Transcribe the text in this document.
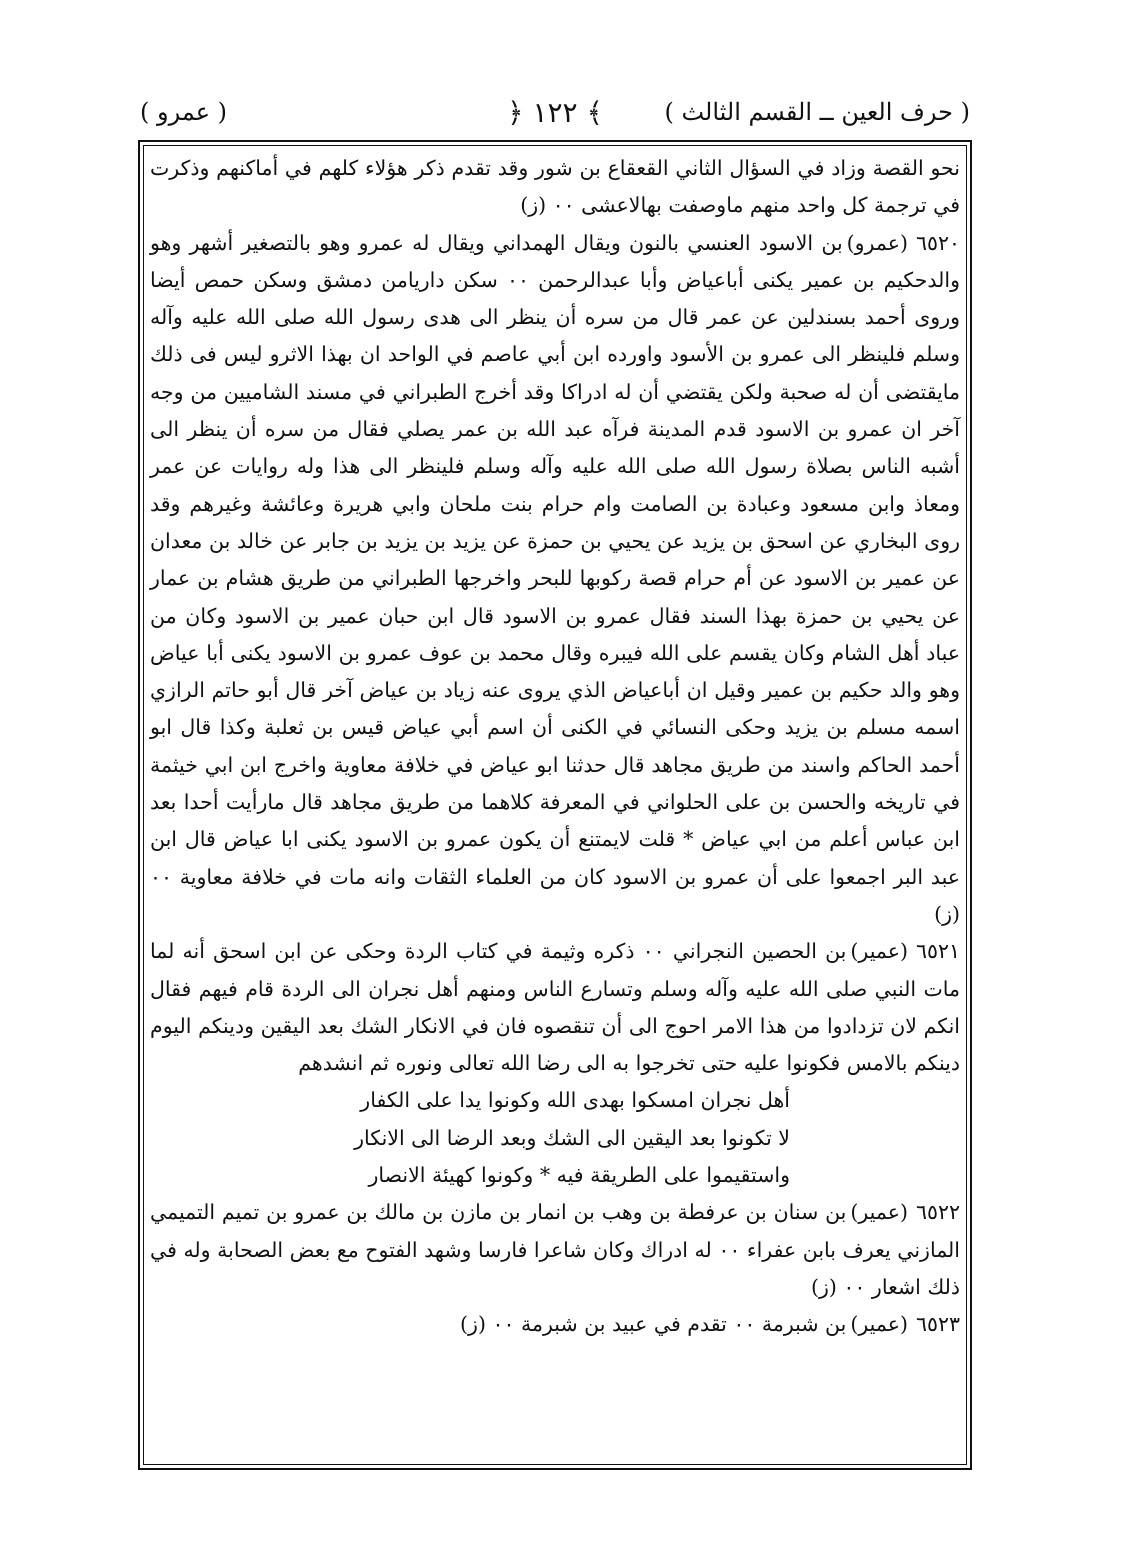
( حرف العين ــ القسم الثالث )
﴾ ١٢٢ ﴿
( عمرو )

نحو القصة وزاد في السؤال الثاني القعقاع بن شور وقد تقدم ذكر هؤلاء كلهم في أماكنهم وذكرت في ترجمة كل واحد منهم ماوصفت بهالاعشى ٠٠ (ز)

٦٥٢٠(عمرو)بن الاسود العنسي بالنون ويقال الهمداني ويقال له عمرو وهو بالتصغير أشهر وهو والدحكيم بن عمير يكنى أباعياض وأبا عبدالرحمن ٠٠ سكن داريامن دمشق وسكن حمص أيضا وروى أحمد بسندلين عن عمر قال من سره أن ينظر الى هدى رسول الله صلى الله عليه وآله وسلم فلينظر الى عمرو بن الأسود واورده ابن أبي عاصم في الواحد ان بهذا الاثرو ليس فى ذلك مايقتضى أن له صحبة ولكن يقتضي أن له ادراكا وقد أخرج الطبراني في مسند الشاميين من وجه آخر ان عمرو بن الاسود قدم المدينة فرآه عبد الله بن عمر يصلي فقال من سره أن ينظر الى أشبه الناس بصلاة رسول الله صلى الله عليه وآله وسلم فلينظر الى هذا وله روايات عن عمر ومعاذ وابن مسعود وعبادة بن الصامت وام حرام بنت ملحان وابي هريرة وعائشة وغيرهم وقد روى البخاري عن اسحق بن يزيد عن يحيي بن حمزة عن يزيد بن يزيد بن جابر عن خالد بن معدان عن عمير بن الاسود عن أم حرام قصة ركوبها للبحر واخرجها الطبراني من طريق هشام بن عمار عن يحيي بن حمزة بهذا السند فقال عمرو بن الاسود قال ابن حبان عمير بن الاسود وكان من عباد أهل الشام وكان يقسم على الله فيبره وقال محمد بن عوف عمرو بن الاسود يكنى أبا عياض وهو والد حكيم بن عمير وقيل ان أباعياض الذي يروى عنه زياد بن عياض آخر قال أبو حاتم الرازي اسمه مسلم بن يزيد وحكى النسائي في الكنى أن اسم أبي عياض قيس بن ثعلبة وكذا قال ابو أحمد الحاكم واسند من طريق مجاهد قال حدثنا ابو عياض في خلافة معاوية واخرج ابن ابي خيثمة في تاريخه والحسن بن على الحلواني في المعرفة كلاهما من طريق مجاهد قال مارأيت أحدا بعد ابن عباس أعلم من ابي عياض * قلت لايمتنع أن يكون عمرو بن الاسود يكنى ابا عياض قال ابن عبد البر اجمعوا على أن عمرو بن الاسود كان من العلماء الثقات وانه مات في خلافة معاوية ٠٠ (ز)

٦٥٢١(عمير)بن الحصين النجراني ٠٠ ذكره وثيمة في كتاب الردة وحكى عن ابن اسحق أنه لما مات النبي صلى الله عليه وآله وسلم وتسارع الناس ومنهم أهل نجران الى الردة قام فيهم فقال انكم لان تزدادوا من هذا الامر احوج الى أن تنقصوه فان في الانكار الشك بعد اليقين ودينكم اليوم دينكم بالامس فكونوا عليه حتى تخرجوا به الى رضا الله تعالى ونوره ثم انشدهم

أهل نجران امسكوا بهدى الله وكونوا يدا على الكفار
لا تكونوا بعد اليقين الى الشك وبعد الرضا الى الانكار
واستقيموا على الطريقة فيه * وكونوا كهيئة الانصار

٦٥٢٢(عمير)بن سنان بن عرفطة بن وهب بن انمار بن مازن بن مالك بن عمرو بن تميم التميمي المازني يعرف بابن عفراء ٠٠ له ادراك وكان شاعرا فارسا وشهد الفتوح مع بعض الصحابة وله في ذلك اشعار ٠٠ (ز)

٦٥٢٣(عمير)بن شبرمة ٠٠ تقدم في عبيد بن شبرمة ٠٠ (ز)
